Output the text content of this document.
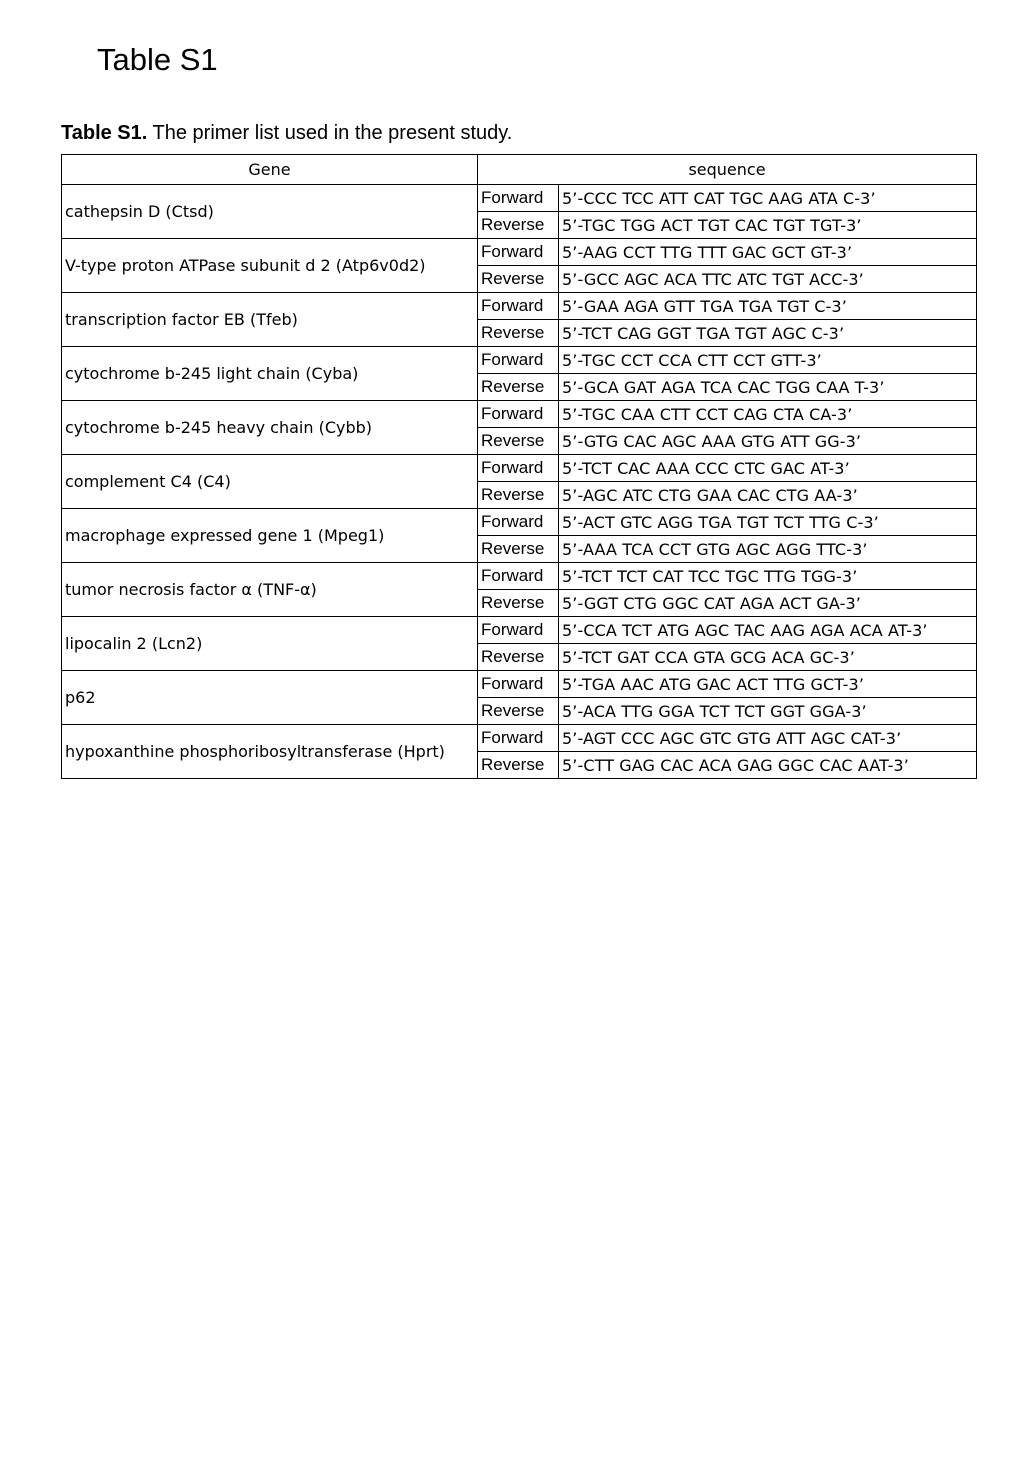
Table S1

Table S1. The primer list used in the present study.

Gene	sequence	
cathepsin D (Ctsd)	Forward	5’-CCC TCC ATT CAT TGC AAG ATA C-3’
	Reverse	5’-TGC TGG ACT TGT CAC TGT TGT-3’
V-type proton ATPase subunit d 2 (Atp6v0d2)	Forward	5’-AAG CCT TTG TTT GAC GCT GT-3’
	Reverse	5’-GCC AGC ACA TTC ATC TGT ACC-3’
transcription factor EB (Tfeb)	Forward	5’-GAA AGA GTT TGA TGA TGT C-3’
	Reverse	5’-TCT CAG GGT TGA TGT AGC C-3’
cytochrome b-245 light chain (Cyba)	Forward	5’-TGC CCT CCA CTT CCT GTT-3’
	Reverse	5’-GCA GAT AGA TCA CAC TGG CAA T-3’
cytochrome b-245 heavy chain (Cybb)	Forward	5’-TGC CAA CTT CCT CAG CTA CA-3’
	Reverse	5’-GTG CAC AGC AAA GTG ATT GG-3’
complement C4 (C4)	Forward	5’-TCT CAC AAA CCC CTC GAC AT-3’
	Reverse	5’-AGC ATC CTG GAA CAC CTG AA-3’
macrophage expressed gene 1 (Mpeg1)	Forward	5’-ACT GTC AGG TGA TGT TCT TTG C-3’
	Reverse	5’-AAA TCA CCT GTG AGC AGG TTC-3’
tumor necrosis factor α (TNF-α)	Forward	5’-TCT TCT CAT TCC TGC TTG TGG-3’
	Reverse	5’-GGT CTG GGC CAT AGA ACT GA-3’
lipocalin 2 (Lcn2)	Forward	5’-CCA TCT ATG AGC TAC AAG AGA ACA AT-3’
	Reverse	5’-TCT GAT CCA GTA GCG ACA GC-3’
p62	Forward	5’-TGA AAC ATG GAC ACT TTG GCT-3’
	Reverse	5’-ACA TTG GGA TCT TCT GGT GGA-3’
hypoxanthine phosphoribosyltransferase (Hprt)	Forward	5’-AGT CCC AGC GTC GTG ATT AGC CAT-3’
	Reverse	5’-CTT GAG CAC ACA GAG GGC CAC AAT-3’
